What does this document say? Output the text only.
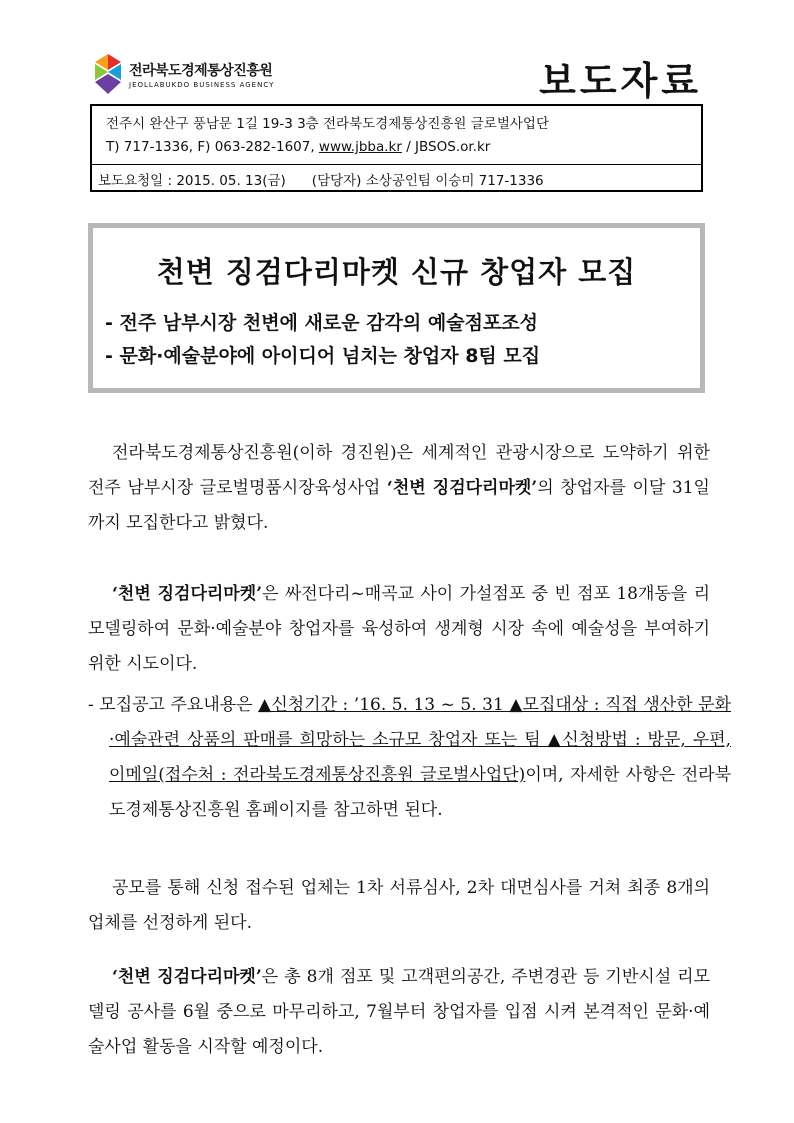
전라북도경제통상진흥원
JEOLLABUKDO BUSINESS AGENCY	보도자료
전주시 완산구 풍남문 1길 19-3 3층 전라북도경제통상진흥원 글로벌사업단
T) 717-1336, F) 063-282-1607, www.jbba.kr / JBSOS.or.kr
보도요청일 : 2015. 05. 13(금) (담당자) 소상공인팀 이승미 717-1336
천변 징검다리마켓 신규 창업자 모집
- 전주 남부시장 천변에 새로운 감각의 예술점포조성
- 문화·예술분야에 아이디어 넘치는 창업자 8팀 모집
전라북도경제통상진흥원(이하 경진원)은 세계적인 관광시장으로 도약하기 위한 전주 남부시장 글로벌명품시장육성사업 ‘천변 징검다리마켓’의 창업자를 이달 31일까지 모집한다고 밝혔다.
‘천변 징검다리마켓’은 싸전다리~매곡교 사이 가설점포 중 빈 점포 18개동을 리모델링하여 문화·예술분야 창업자를 육성하여 생계형 시장 속에 예술성을 부여하기 위한 시도이다.
- 모집공고 주요내용은 ▲신청기간 : ’16. 5. 13 ~ 5. 31 ▲모집대상 : 직접 생산한 문화·예술관련 상품의 판매를 희망하는 소규모 창업자 또는 팀 ▲신청방법 : 방문, 우편, 이메일(접수처 : 전라북도경제통상진흥원 글로벌사업단)이며, 자세한 사항은 전라북도경제통상진흥원 홈페이지를 참고하면 된다.
공모를 통해 신청 접수된 업체는 1차 서류심사, 2차 대면심사를 거쳐 최종 8개의 업체를 선정하게 된다.
‘천변 징검다리마켓’은 총 8개 점포 및 고객편의공간, 주변경관 등 기반시설 리모델링 공사를 6월 중으로 마무리하고, 7월부터 창업자를 입점 시켜 본격적인 문화·예술사업 활동을 시작할 예정이다.
